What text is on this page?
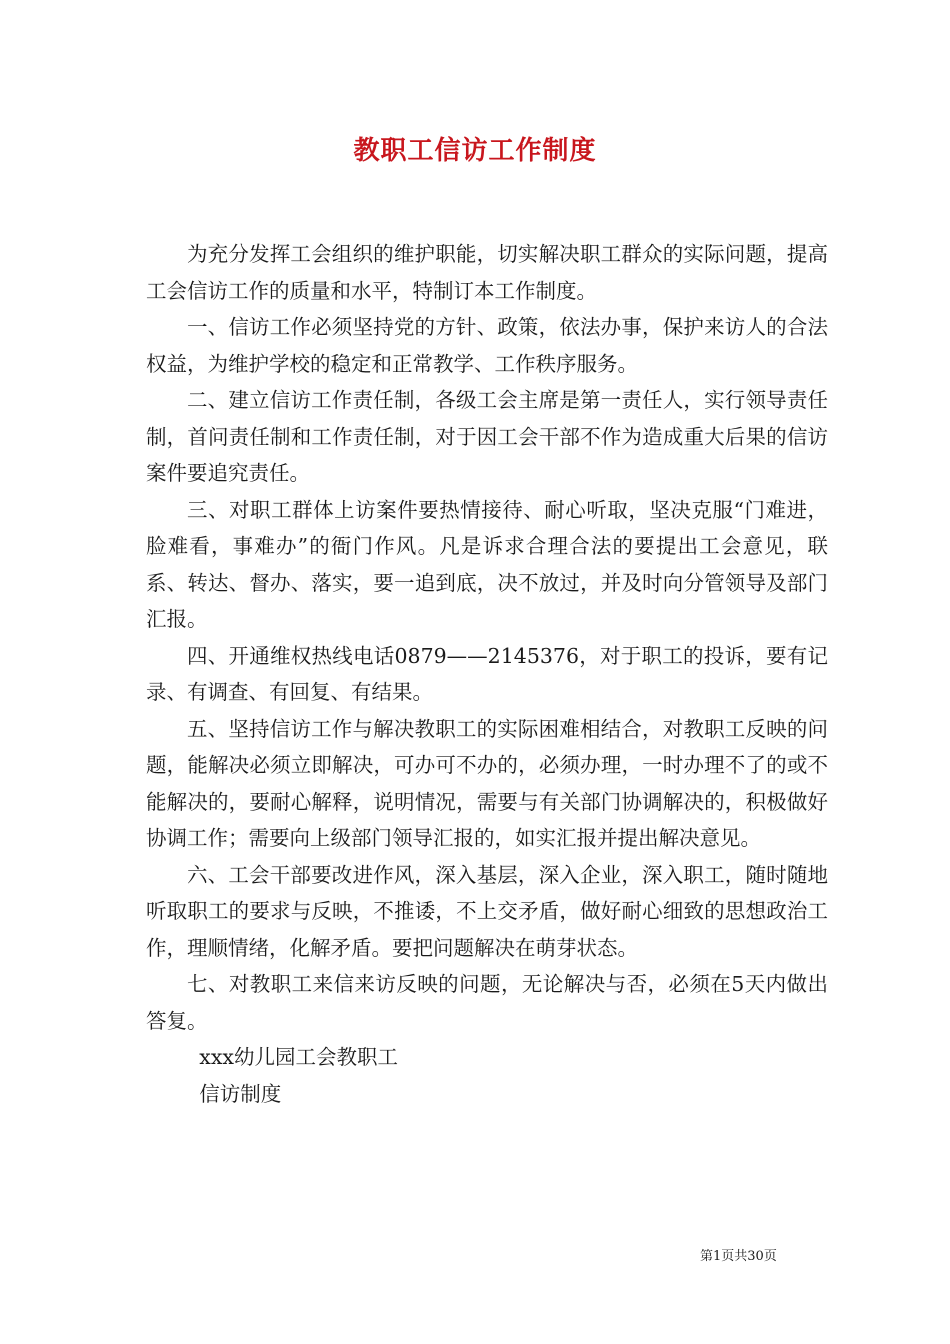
教职工信访工作制度

为充分发挥工会组织的维护职能，切实解决职工群众的实际问题，提高工会信访工作的质量和水平，特制订本工作制度。

一、信访工作必须坚持党的方针、政策，依法办事，保护来访人的合法权益，为维护学校的稳定和正常教学、工作秩序服务。

二、建立信访工作责任制，各级工会主席是第一责任人，实行领导责任制，首问责任制和工作责任制，对于因工会干部不作为造成重大后果的信访案件要追究责任。

三、对职工群体上访案件要热情接待、耐心听取，坚决克服“门难进，脸难看，事难办”的衙门作风。凡是诉求合理合法的要提出工会意见，联系、转达、督办、落实，要一追到底，决不放过，并及时向分管领导及部门汇报。

四、开通维权热线电话0879——2145376，对于职工的投诉，要有记录、有调查、有回复、有结果。

五、坚持信访工作与解决教职工的实际困难相结合，对教职工反映的问题，能解决必须立即解决，可办可不办的，必须办理，一时办理不了的或不能解决的，要耐心解释，说明情况，需要与有关部门协调解决的，积极做好协调工作；需要向上级部门领导汇报的，如实汇报并提出解决意见。

六、工会干部要改进作风，深入基层，深入企业，深入职工，随时随地听取职工的要求与反映，不推诿，不上交矛盾，做好耐心细致的思想政治工作，理顺情绪，化解矛盾。要把问题解决在萌芽状态。

七、对教职工来信来访反映的问题，无论解决与否，必须在5天内做出答复。

xxx幼儿园工会教职工

信访制度

第1页共30页
